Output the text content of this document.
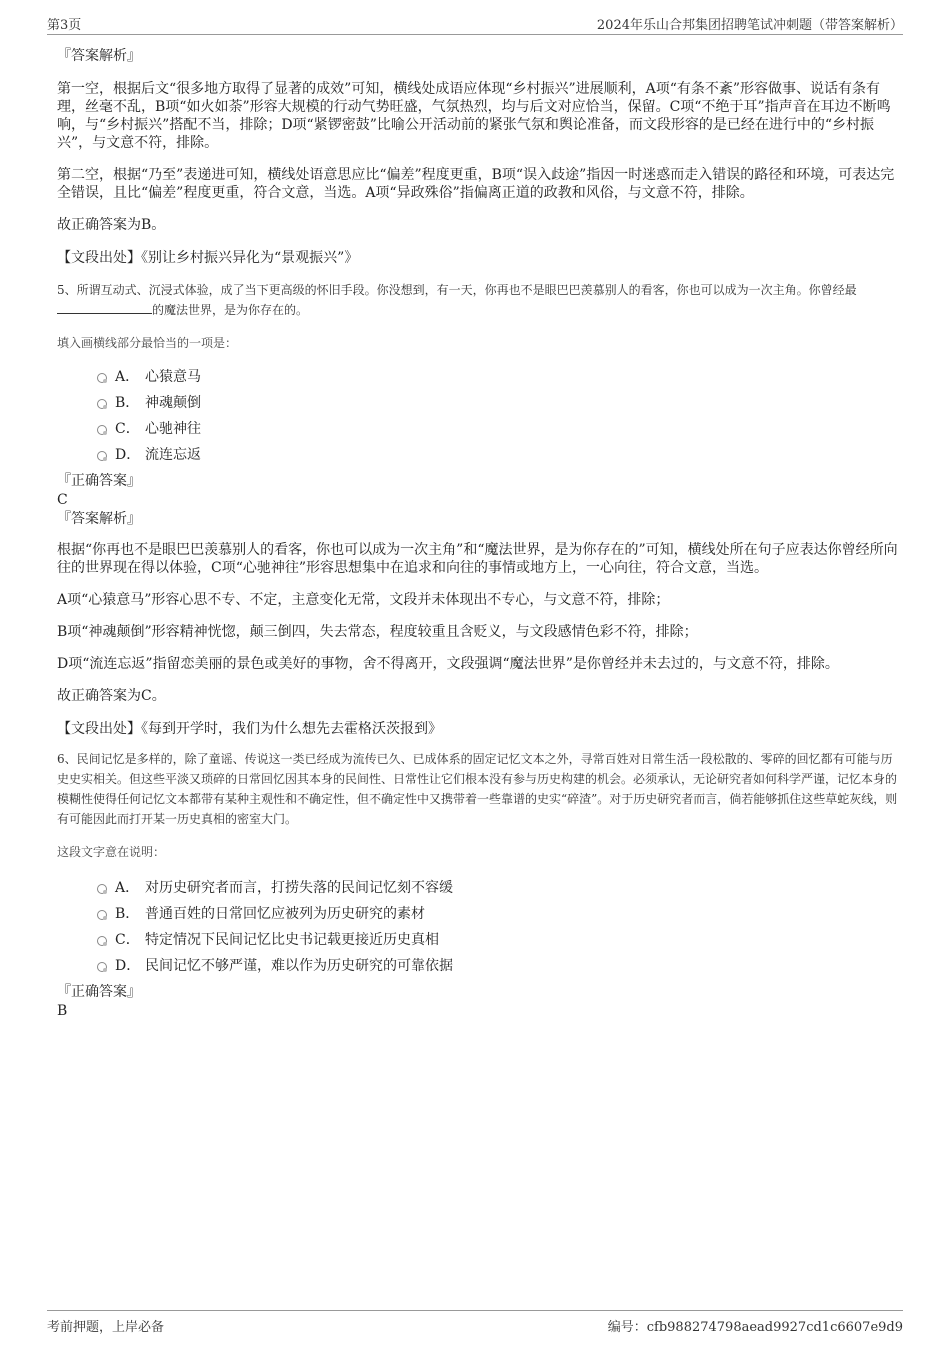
第3页	2024年乐山合邦集团招聘笔试冲刺题（带答案解析）
『答案解析』

第一空，根据后文“很多地方取得了显著的成效”可知，横线处成语应体现“乡村振兴”进展顺利，A项“有条不紊”形容做事、说话有条有理，丝毫不乱，B项“如火如荼”形容大规模的行动气势旺盛，气氛热烈，均与后文对应恰当，保留。C项“不绝于耳”指声音在耳边不断鸣响，与“乡村振兴”搭配不当，排除；D项“紧锣密鼓”比喻公开活动前的紧张气氛和舆论准备，而文段形容的是已经在进行中的“乡村振兴”，与文意不符，排除。

第二空，根据“乃至”表递进可知，横线处语意思应比“偏差”程度更重，B项“误入歧途”指因一时迷惑而走入错误的路径和环境，可表达完全错误，且比“偏差”程度更重，符合文意，当选。A项“异政殊俗”指偏离正道的政教和风俗，与文意不符，排除。

故正确答案为B。

【文段出处】《别让乡村振兴异化为“景观振兴”》

5、所谓互动式、沉浸式体验，成了当下更高级的怀旧手段。你没想到，有一天，你再也不是眼巴巴羡慕别人的看客，你也可以成为一次主角。你曾经最的魔法世界，是为你存在的。

填入画横线部分最恰当的一项是：

A． 心猿意马
B． 神魂颠倒
C． 心驰神往
D． 流连忘返
『正确答案』
C
『答案解析』

根据“你再也不是眼巴巴羡慕别人的看客，你也可以成为一次主角”和“魔法世界，是为你存在的”可知，横线处所在句子应表达你曾经所向往的世界现在得以体验，C项“心驰神往”形容思想集中在追求和向往的事情或地方上，一心向往，符合文意，当选。

A项“心猿意马”形容心思不专、不定，主意变化无常，文段并未体现出不专心，与文意不符，排除；

B项“神魂颠倒”形容精神恍惚，颠三倒四，失去常态，程度较重且含贬义，与文段感情色彩不符，排除；

D项“流连忘返”指留恋美丽的景色或美好的事物，舍不得离开，文段强调“魔法世界”是你曾经并未去过的，与文意不符，排除。

故正确答案为C。

【文段出处】《每到开学时，我们为什么想先去霍格沃茨报到》

6、民间记忆是多样的，除了童谣、传说这一类已经成为流传已久、已成体系的固定记忆文本之外，寻常百姓对日常生活一段松散的、零碎的回忆都有可能与历史史实相关。但这些平淡又琐碎的日常回忆因其本身的民间性、日常性让它们根本没有参与历史构建的机会。必须承认，无论研究者如何科学严谨，记忆本身的模糊性使得任何记忆文本都带有某种主观性和不确定性，但不确定性中又携带着一些靠谱的史实“碎渣”。对于历史研究者而言，倘若能够抓住这些草蛇灰线，则有可能因此而打开某一历史真相的密室大门。

这段文字意在说明：

A． 对历史研究者而言，打捞失落的民间记忆刻不容缓
B． 普通百姓的日常回忆应被列为历史研究的素材
C． 特定情况下民间记忆比史书记载更接近历史真相
D． 民间记忆不够严谨，难以作为历史研究的可靠依据
『正确答案』
B
考前押题，上岸必备	编号：cfb988274798aead9927cd1c6607e9d9
